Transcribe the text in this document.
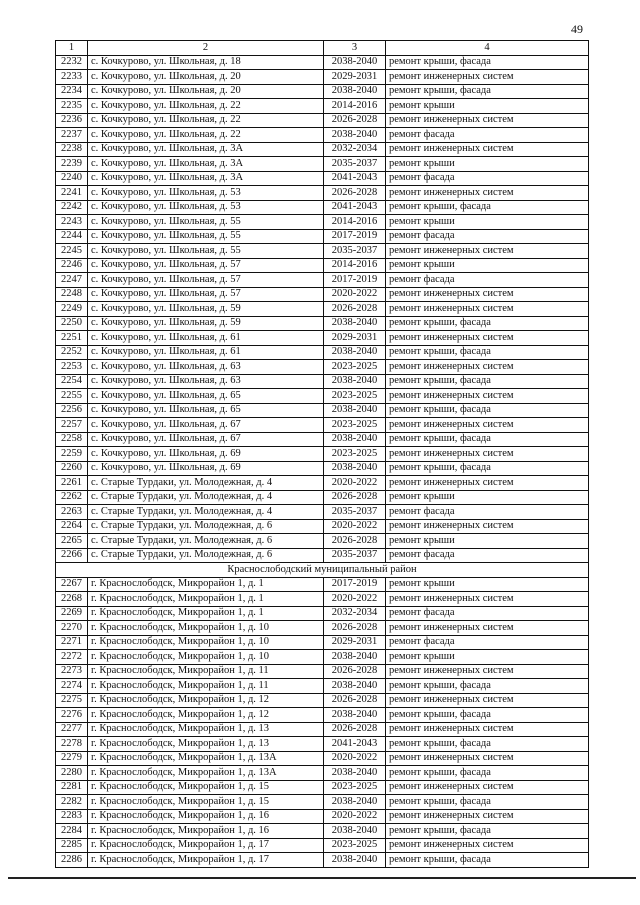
49
1	2	3	4
2232	с. Кочкурово, ул. Школьная, д. 18	2038-2040	ремонт крыши, фасада
2233	с. Кочкурово, ул. Школьная, д. 20	2029-2031	ремонт инженерных систем
2234	с. Кочкурово, ул. Школьная, д. 20	2038-2040	ремонт крыши, фасада
2235	с. Кочкурово, ул. Школьная, д. 22	2014-2016	ремонт крыши
2236	с. Кочкурово, ул. Школьная, д. 22	2026-2028	ремонт инженерных систем
2237	с. Кочкурово, ул. Школьная, д. 22	2038-2040	ремонт фасада
2238	с. Кочкурово, ул. Школьная, д. 3А	2032-2034	ремонт инженерных систем
2239	с. Кочкурово, ул. Школьная, д. 3А	2035-2037	ремонт крыши
2240	с. Кочкурово, ул. Школьная, д. 3А	2041-2043	ремонт фасада
2241	с. Кочкурово, ул. Школьная, д. 53	2026-2028	ремонт инженерных систем
2242	с. Кочкурово, ул. Школьная, д. 53	2041-2043	ремонт крыши, фасада
2243	с. Кочкурово, ул. Школьная, д. 55	2014-2016	ремонт крыши
2244	с. Кочкурово, ул. Школьная, д. 55	2017-2019	ремонт фасада
2245	с. Кочкурово, ул. Школьная, д. 55	2035-2037	ремонт инженерных систем
2246	с. Кочкурово, ул. Школьная, д. 57	2014-2016	ремонт крыши
2247	с. Кочкурово, ул. Школьная, д. 57	2017-2019	ремонт фасада
2248	с. Кочкурово, ул. Школьная, д. 57	2020-2022	ремонт инженерных систем
2249	с. Кочкурово, ул. Школьная, д. 59	2026-2028	ремонт инженерных систем
2250	с. Кочкурово, ул. Школьная, д. 59	2038-2040	ремонт крыши, фасада
2251	с. Кочкурово, ул. Школьная, д. 61	2029-2031	ремонт инженерных систем
2252	с. Кочкурово, ул. Школьная, д. 61	2038-2040	ремонт крыши, фасада
2253	с. Кочкурово, ул. Школьная, д. 63	2023-2025	ремонт инженерных систем
2254	с. Кочкурово, ул. Школьная, д. 63	2038-2040	ремонт крыши, фасада
2255	с. Кочкурово, ул. Школьная, д. 65	2023-2025	ремонт инженерных систем
2256	с. Кочкурово, ул. Школьная, д. 65	2038-2040	ремонт крыши, фасада
2257	с. Кочкурово, ул. Школьная, д. 67	2023-2025	ремонт инженерных систем
2258	с. Кочкурово, ул. Школьная, д. 67	2038-2040	ремонт крыши, фасада
2259	с. Кочкурово, ул. Школьная, д. 69	2023-2025	ремонт инженерных систем
2260	с. Кочкурово, ул. Школьная, д. 69	2038-2040	ремонт крыши, фасада
2261	с. Старые Турдаки, ул. Молодежная, д. 4	2020-2022	ремонт инженерных систем
2262	с. Старые Турдаки, ул. Молодежная, д. 4	2026-2028	ремонт крыши
2263	с. Старые Турдаки, ул. Молодежная, д. 4	2035-2037	ремонт фасада
2264	с. Старые Турдаки, ул. Молодежная, д. 6	2020-2022	ремонт инженерных систем
2265	с. Старые Турдаки, ул. Молодежная, д. 6	2026-2028	ремонт крыши
2266	с. Старые Турдаки, ул. Молодежная, д. 6	2035-2037	ремонт фасада
Краснослободский муниципальный район			
2267	г. Краснослободск, Микрорайон 1, д. 1	2017-2019	ремонт крыши
2268	г. Краснослободск, Микрорайон 1, д. 1	2020-2022	ремонт инженерных систем
2269	г. Краснослободск, Микрорайон 1, д. 1	2032-2034	ремонт фасада
2270	г. Краснослободск, Микрорайон 1, д. 10	2026-2028	ремонт инженерных систем
2271	г. Краснослободск, Микрорайон 1, д. 10	2029-2031	ремонт фасада
2272	г. Краснослободск, Микрорайон 1, д. 10	2038-2040	ремонт крыши
2273	г. Краснослободск, Микрорайон 1, д. 11	2026-2028	ремонт инженерных систем
2274	г. Краснослободск, Микрорайон 1, д. 11	2038-2040	ремонт крыши, фасада
2275	г. Краснослободск, Микрорайон 1, д. 12	2026-2028	ремонт инженерных систем
2276	г. Краснослободск, Микрорайон 1, д. 12	2038-2040	ремонт крыши, фасада
2277	г. Краснослободск, Микрорайон 1, д. 13	2026-2028	ремонт инженерных систем
2278	г. Краснослободск, Микрорайон 1, д. 13	2041-2043	ремонт крыши, фасада
2279	г. Краснослободск, Микрорайон 1, д. 13А	2020-2022	ремонт инженерных систем
2280	г. Краснослободск, Микрорайон 1, д. 13А	2038-2040	ремонт крыши, фасада
2281	г. Краснослободск, Микрорайон 1, д. 15	2023-2025	ремонт инженерных систем
2282	г. Краснослободск, Микрорайон 1, д. 15	2038-2040	ремонт крыши, фасада
2283	г. Краснослободск, Микрорайон 1, д. 16	2020-2022	ремонт инженерных систем
2284	г. Краснослободск, Микрорайон 1, д. 16	2038-2040	ремонт крыши, фасада
2285	г. Краснослободск, Микрорайон 1, д. 17	2023-2025	ремонт инженерных систем
2286	г. Краснослободск, Микрорайон 1, д. 17	2038-2040	ремонт крыши, фасада
